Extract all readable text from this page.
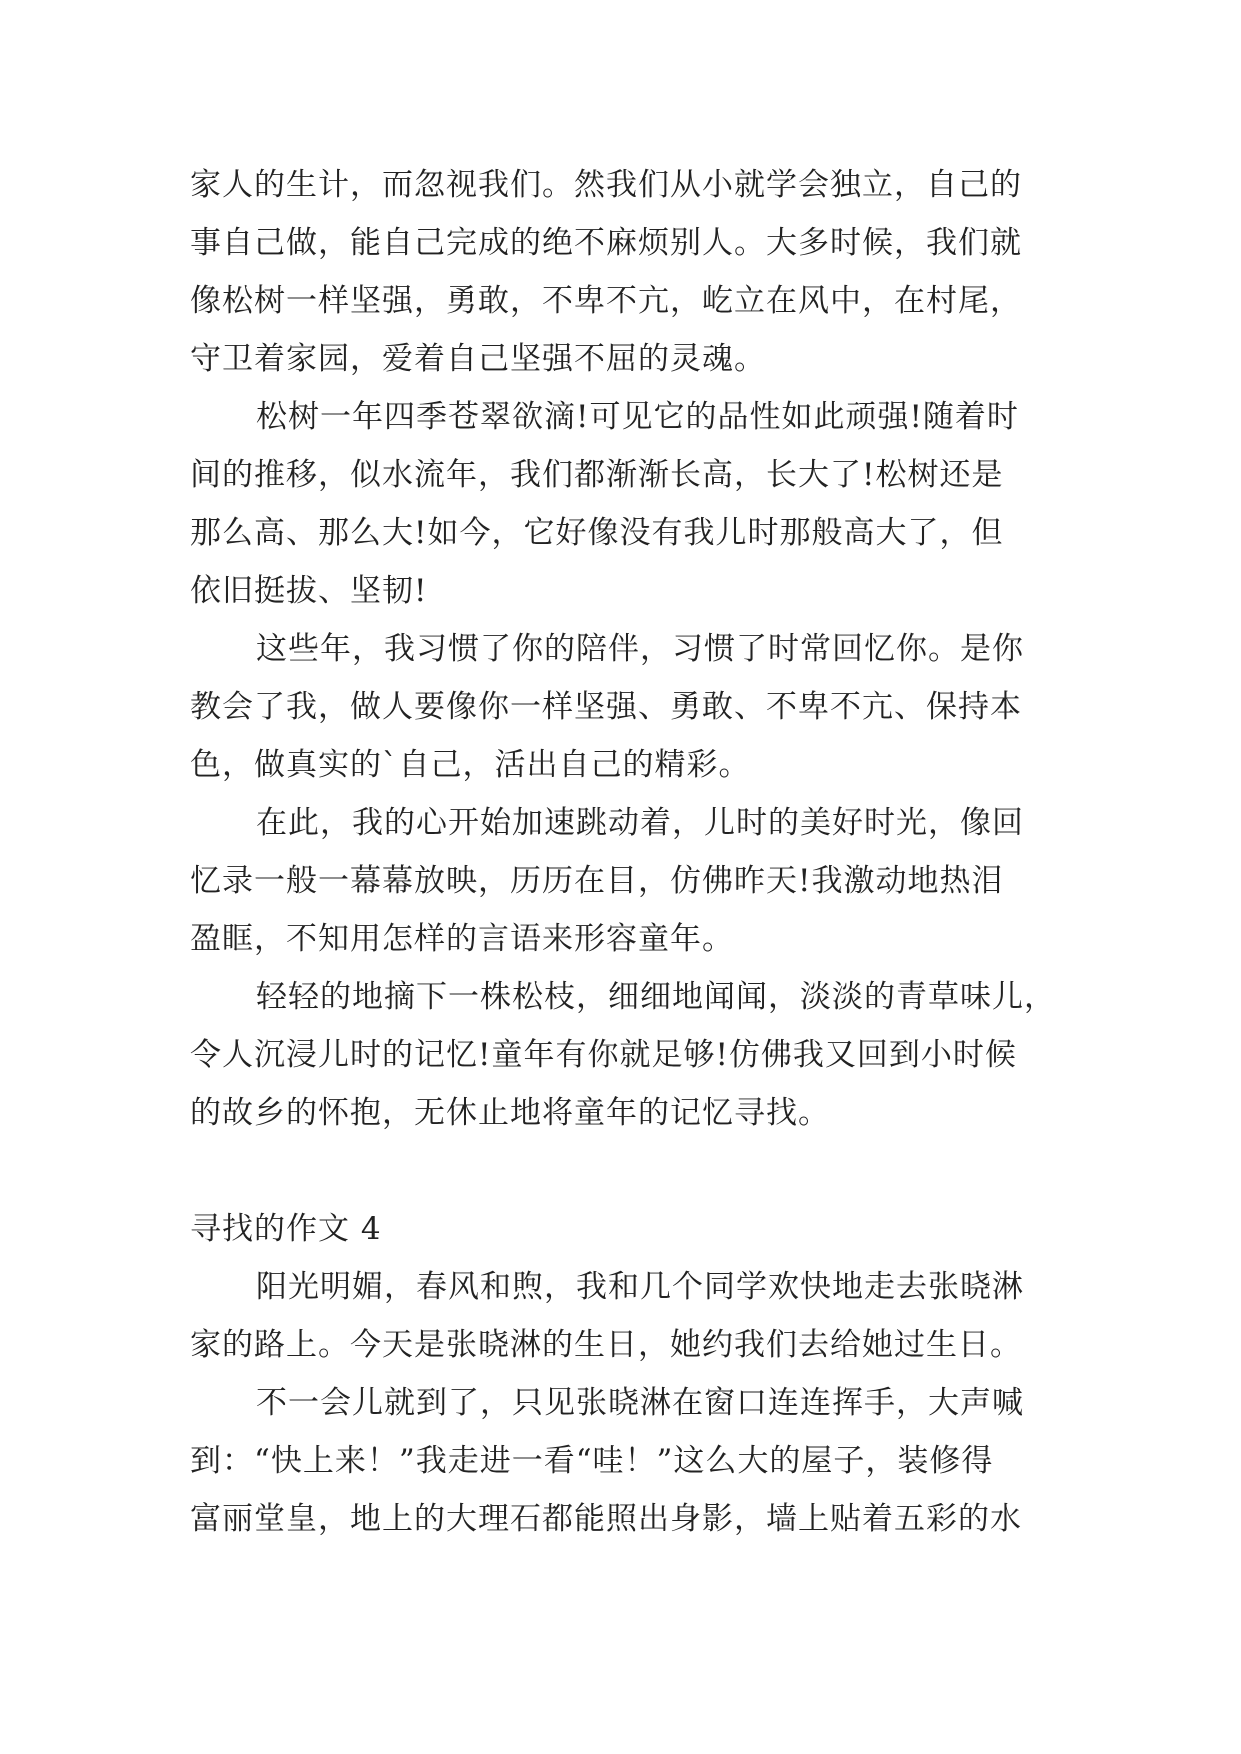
家人的生计，而忽视我们。然我们从小就学会独立，自己的
事自己做，能自己完成的绝不麻烦别人。大多时候，我们就
像松树一样坚强，勇敢，不卑不亢，屹立在风中，在村尾，
守卫着家园，爱着自己坚强不屈的灵魂。
松树一年四季苍翠欲滴!可见它的品性如此顽强!随着时
间的推移，似水流年，我们都渐渐长高，长大了!松树还是
那么高、那么大!如今，它好像没有我儿时那般高大了，但
依旧挺拔、坚韧!
这些年，我习惯了你的陪伴，习惯了时常回忆你。是你
教会了我，做人要像你一样坚强、勇敢、不卑不亢、保持本
色，做真实的`自己，活出自己的精彩。
在此，我的心开始加速跳动着，儿时的美好时光，像回
忆录一般一幕幕放映，历历在目，仿佛昨天!我激动地热泪
盈眶，不知用怎样的言语来形容童年。
轻轻的地摘下一株松枝，细细地闻闻，淡淡的青草味儿，
令人沉浸儿时的记忆!童年有你就足够!仿佛我又回到小时候
的故乡的怀抱，无休止地将童年的记忆寻找。
寻找的作文 4
阳光明媚，春风和煦，我和几个同学欢快地走去张晓淋
家的路上。今天是张晓淋的生日，她约我们去给她过生日。
不一会儿就到了，只见张晓淋在窗口连连挥手，大声喊
到：“快上来！”我走进一看“哇！”这么大的屋子，装修得
富丽堂皇，地上的大理石都能照出身影，墙上贴着五彩的水
